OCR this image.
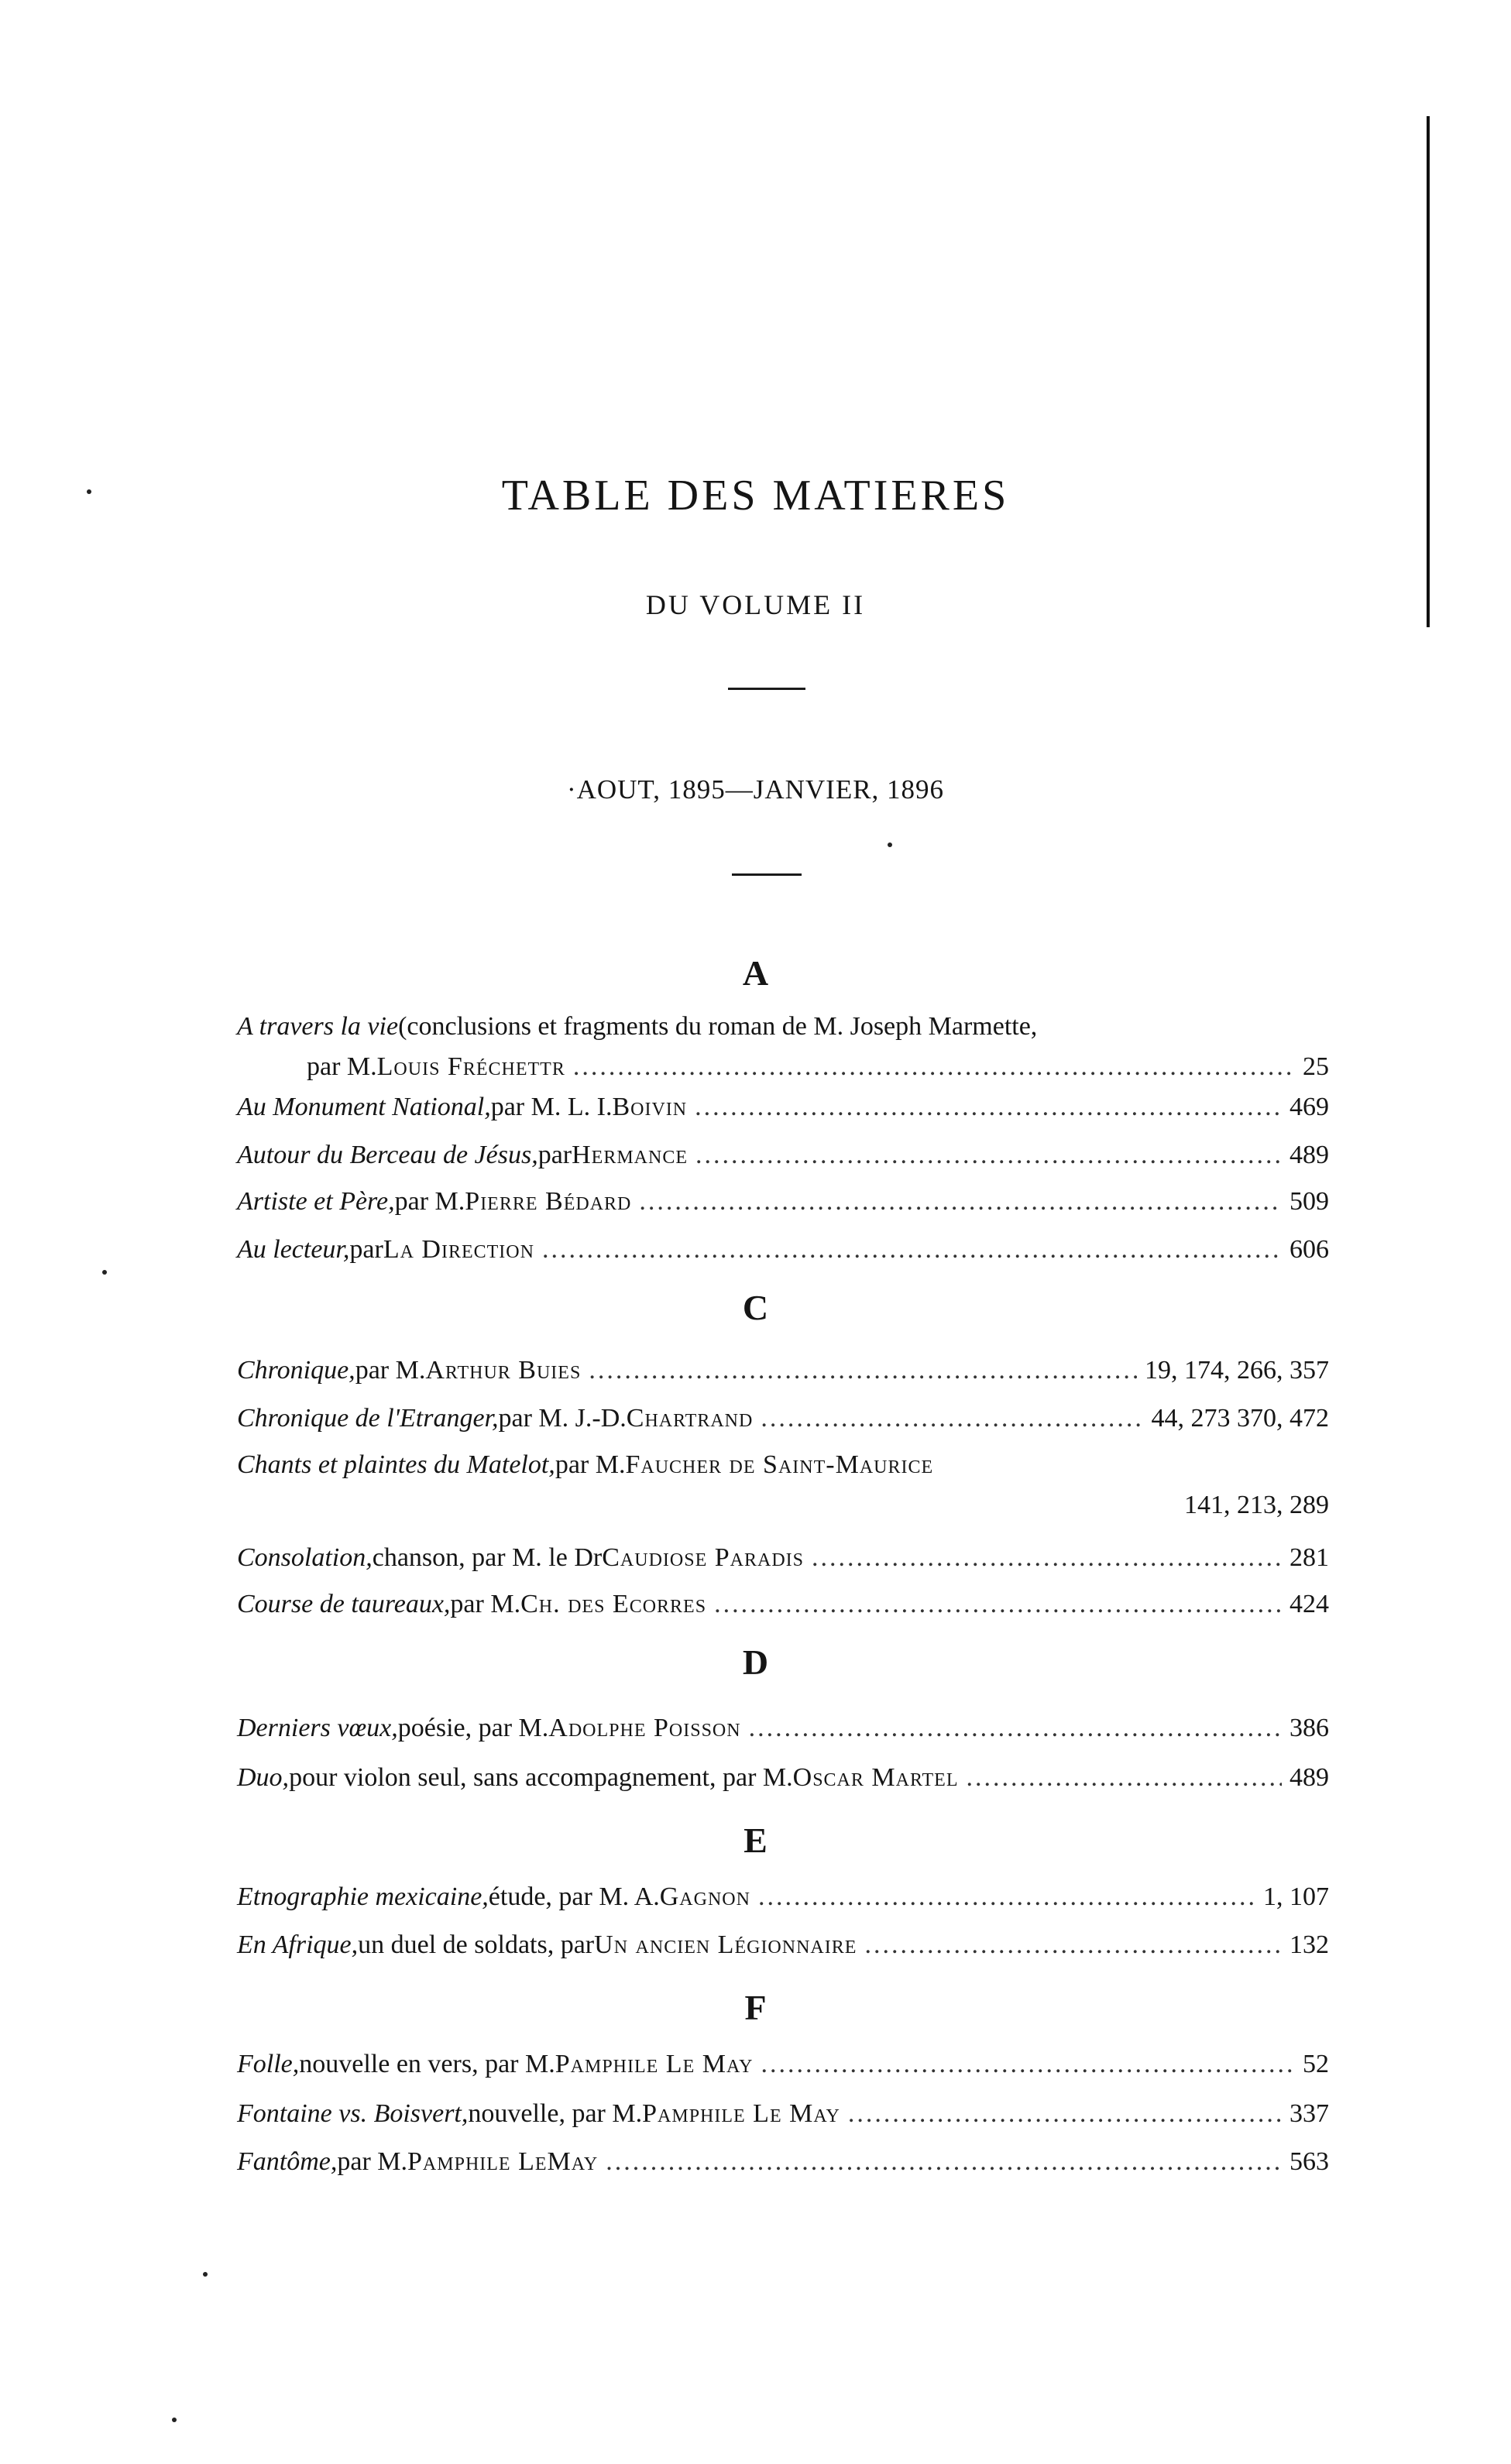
TABLE DES MATIERES
DU VOLUME II
·AOUT, 1895—JANVIER, 1896
A
A travers la vie (conclusions et fragments du roman de M. Joseph Marmette,
par M. Louis Fréchettr .....	25
Au Monument National, par M. L. I. Boivin .....	469
Autour du Berceau de Jésus, par Hermance .....	489
Artiste et Père, par M. Pierre Bédard .....	509
Au lecteur, par La Direction .....	606
C
Chronique, par M. Arthur Buies .....	19, 174, 266, 357
Chronique de l'Etranger, par M. J.-D. Chartrand .....	44, 273 370, 472
Chants et plaintes du Matelot, par M. Faucher de Saint-Maurice
141, 213, 289
Consolation, chanson, par M. le Dr Caudiose Paradis .....	281
Course de taureaux, par M. Ch. des Ecorres .....	424
D
Derniers vœux, poésie, par M. Adolphe Poisson .....	386
Duo, pour violon seul, sans accompagnement, par M. Oscar Martel .....	489
E
Etnographie mexicaine, étude, par M. A. Gagnon .....	1, 107
En Afrique, un duel de soldats, par Un ancien Légionnaire .....	132
F
Folle, nouvelle en vers, par M. Pamphile Le May .....	52
Fontaine vs. Boisvert, nouvelle, par M. Pamphile Le May .....	337
Fantôme, par M. Pamphile LeMay .....	563
